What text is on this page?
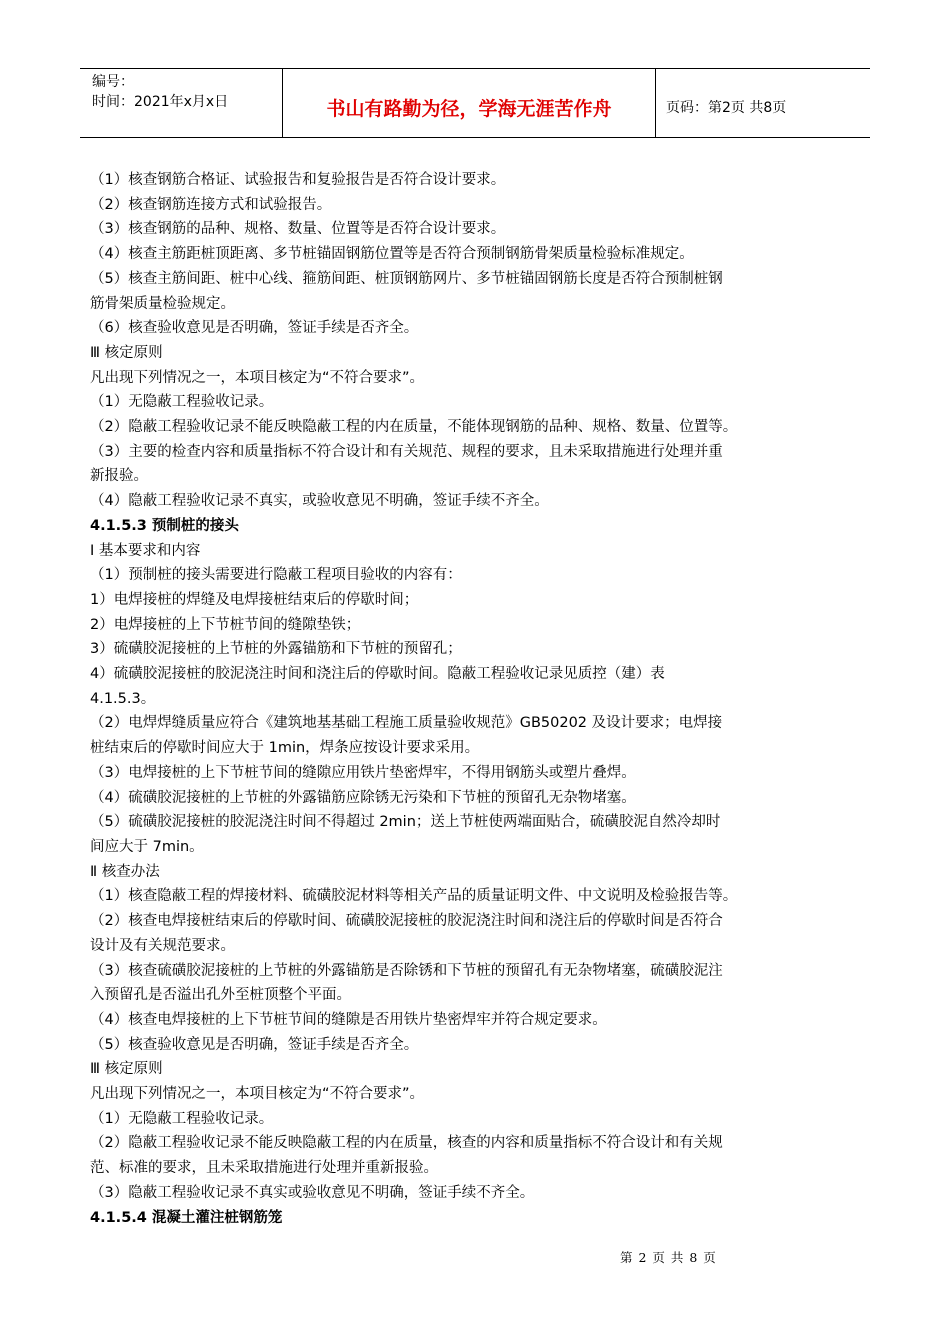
编号：
时间：2021年x月x日	书山有路勤为径，学海无涯苦作舟	页码：第2页 共8页

（1）核查钢筋合格证、试验报告和复验报告是否符合设计要求。

（2）核查钢筋连接方式和试验报告。

（3）核查钢筋的品种、规格、数量、位置等是否符合设计要求。

（4）核查主筋距桩顶距离、多节桩锚固钢筋位置等是否符合预制钢筋骨架质量检验标准规定。

（5）核查主筋间距、桩中心线、箍筋间距、桩顶钢筋网片、多节桩锚固钢筋长度是否符合预制桩钢

筋骨架质量检验规定。

（6）核查验收意见是否明确，签证手续是否齐全。

Ⅲ 核定原则

凡出现下列情况之一，本项目核定为“不符合要求”。

（1）无隐蔽工程验收记录。

（2）隐蔽工程验收记录不能反映隐蔽工程的内在质量，不能体现钢筋的品种、规格、数量、位置等。

（3）主要的检查内容和质量指标不符合设计和有关规范、规程的要求，且未采取措施进行处理并重

新报验。

（4）隐蔽工程验收记录不真实，或验收意见不明确，签证手续不齐全。

4.1.5.3 预制桩的接头

Ⅰ 基本要求和内容

（1）预制桩的接头需要进行隐蔽工程项目验收的内容有：

1）电焊接桩的焊缝及电焊接桩结束后的停歇时间；

2）电焊接桩的上下节桩节间的缝隙垫铁；

3）硫磺胶泥接桩的上节桩的外露锚筋和下节桩的预留孔；

4）硫磺胶泥接桩的胶泥浇注时间和浇注后的停歇时间。隐蔽工程验收记录见质控（建）表

4.1.5.3。

（2）电焊焊缝质量应符合《建筑地基基础工程施工质量验收规范》GB50202 及设计要求；电焊接

桩结束后的停歇时间应大于 1min，焊条应按设计要求采用。

（3）电焊接桩的上下节桩节间的缝隙应用铁片垫密焊牢，不得用钢筋头或塑片叠焊。

（4）硫磺胶泥接桩的上节桩的外露锚筋应除锈无污染和下节桩的预留孔无杂物堵塞。

（5）硫磺胶泥接桩的胶泥浇注时间不得超过 2min；送上节桩使两端面贴合，硫磺胶泥自然冷却时

间应大于 7min。

Ⅱ 核查办法

（1）核查隐蔽工程的焊接材料、硫磺胶泥材料等相关产品的质量证明文件、中文说明及检验报告等。

（2）核查电焊接桩结束后的停歇时间、硫磺胶泥接桩的胶泥浇注时间和浇注后的停歇时间是否符合

设计及有关规范要求。

（3）核查硫磺胶泥接桩的上节桩的外露锚筋是否除锈和下节桩的预留孔有无杂物堵塞，硫磺胶泥注

入预留孔是否溢出孔外至桩顶整个平面。

（4）核查电焊接桩的上下节桩节间的缝隙是否用铁片垫密焊牢并符合规定要求。

（5）核查验收意见是否明确，签证手续是否齐全。

Ⅲ 核定原则

凡出现下列情况之一，本项目核定为“不符合要求”。

（1）无隐蔽工程验收记录。

（2）隐蔽工程验收记录不能反映隐蔽工程的内在质量，核查的内容和质量指标不符合设计和有关规

范、标准的要求，且未采取措施进行处理并重新报验。

（3）隐蔽工程验收记录不真实或验收意见不明确，签证手续不齐全。

4.1.5.4 混凝土灌注桩钢筋笼

第 2 页 共 8 页
